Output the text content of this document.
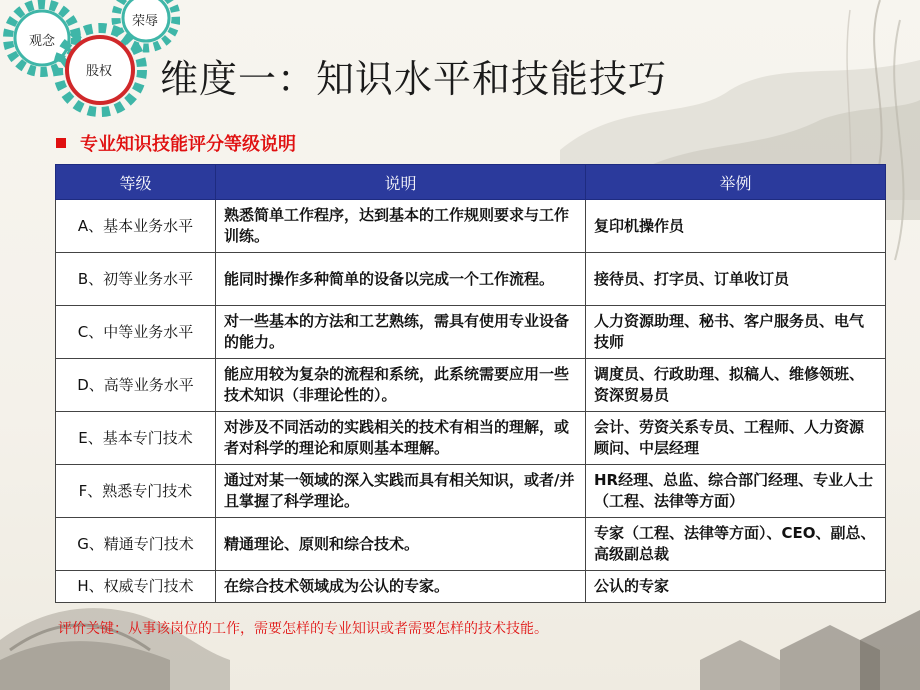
观念
荣辱
股权 维度一：知识水平和技能技巧
专业知识技能评分等级说明
等级	说明	举例
A、基本业务水平	熟悉简单工作程序，达到基本的工作规则要求与工作训练。	复印机操作员
B、初等业务水平	能同时操作多种简单的设备以完成一个工作流程。	接待员、打字员、订单收订员
C、中等业务水平	对一些基本的方法和工艺熟练，需具有使用专业设备的能力。	人力资源助理、秘书、客户服务员、电气技师
D、高等业务水平	能应用较为复杂的流程和系统，此系统需要应用一些技术知识（非理论性的）。	调度员、行政助理、拟稿人、维修领班、资深贸易员
E、基本专门技术	对涉及不同活动的实践相关的技术有相当的理解，或者对科学的理论和原则基本理解。	会计、劳资关系专员、工程师、人力资源顾问、中层经理
F、熟悉专门技术	通过对某一领域的深入实践而具有相关知识，或者/并且掌握了科学理论。	HR经理、总监、综合部门经理、专业人士（工程、法律等方面）
G、精通专门技术	精通理论、原则和综合技术。	专家（工程、法律等方面）、CEO、副总、高级副总裁
H、权威专门技术	在综合技术领域成为公认的专家。	公认的专家
评价关键：从事该岗位的工作，需要怎样的专业知识或者需要怎样的技术技能。
